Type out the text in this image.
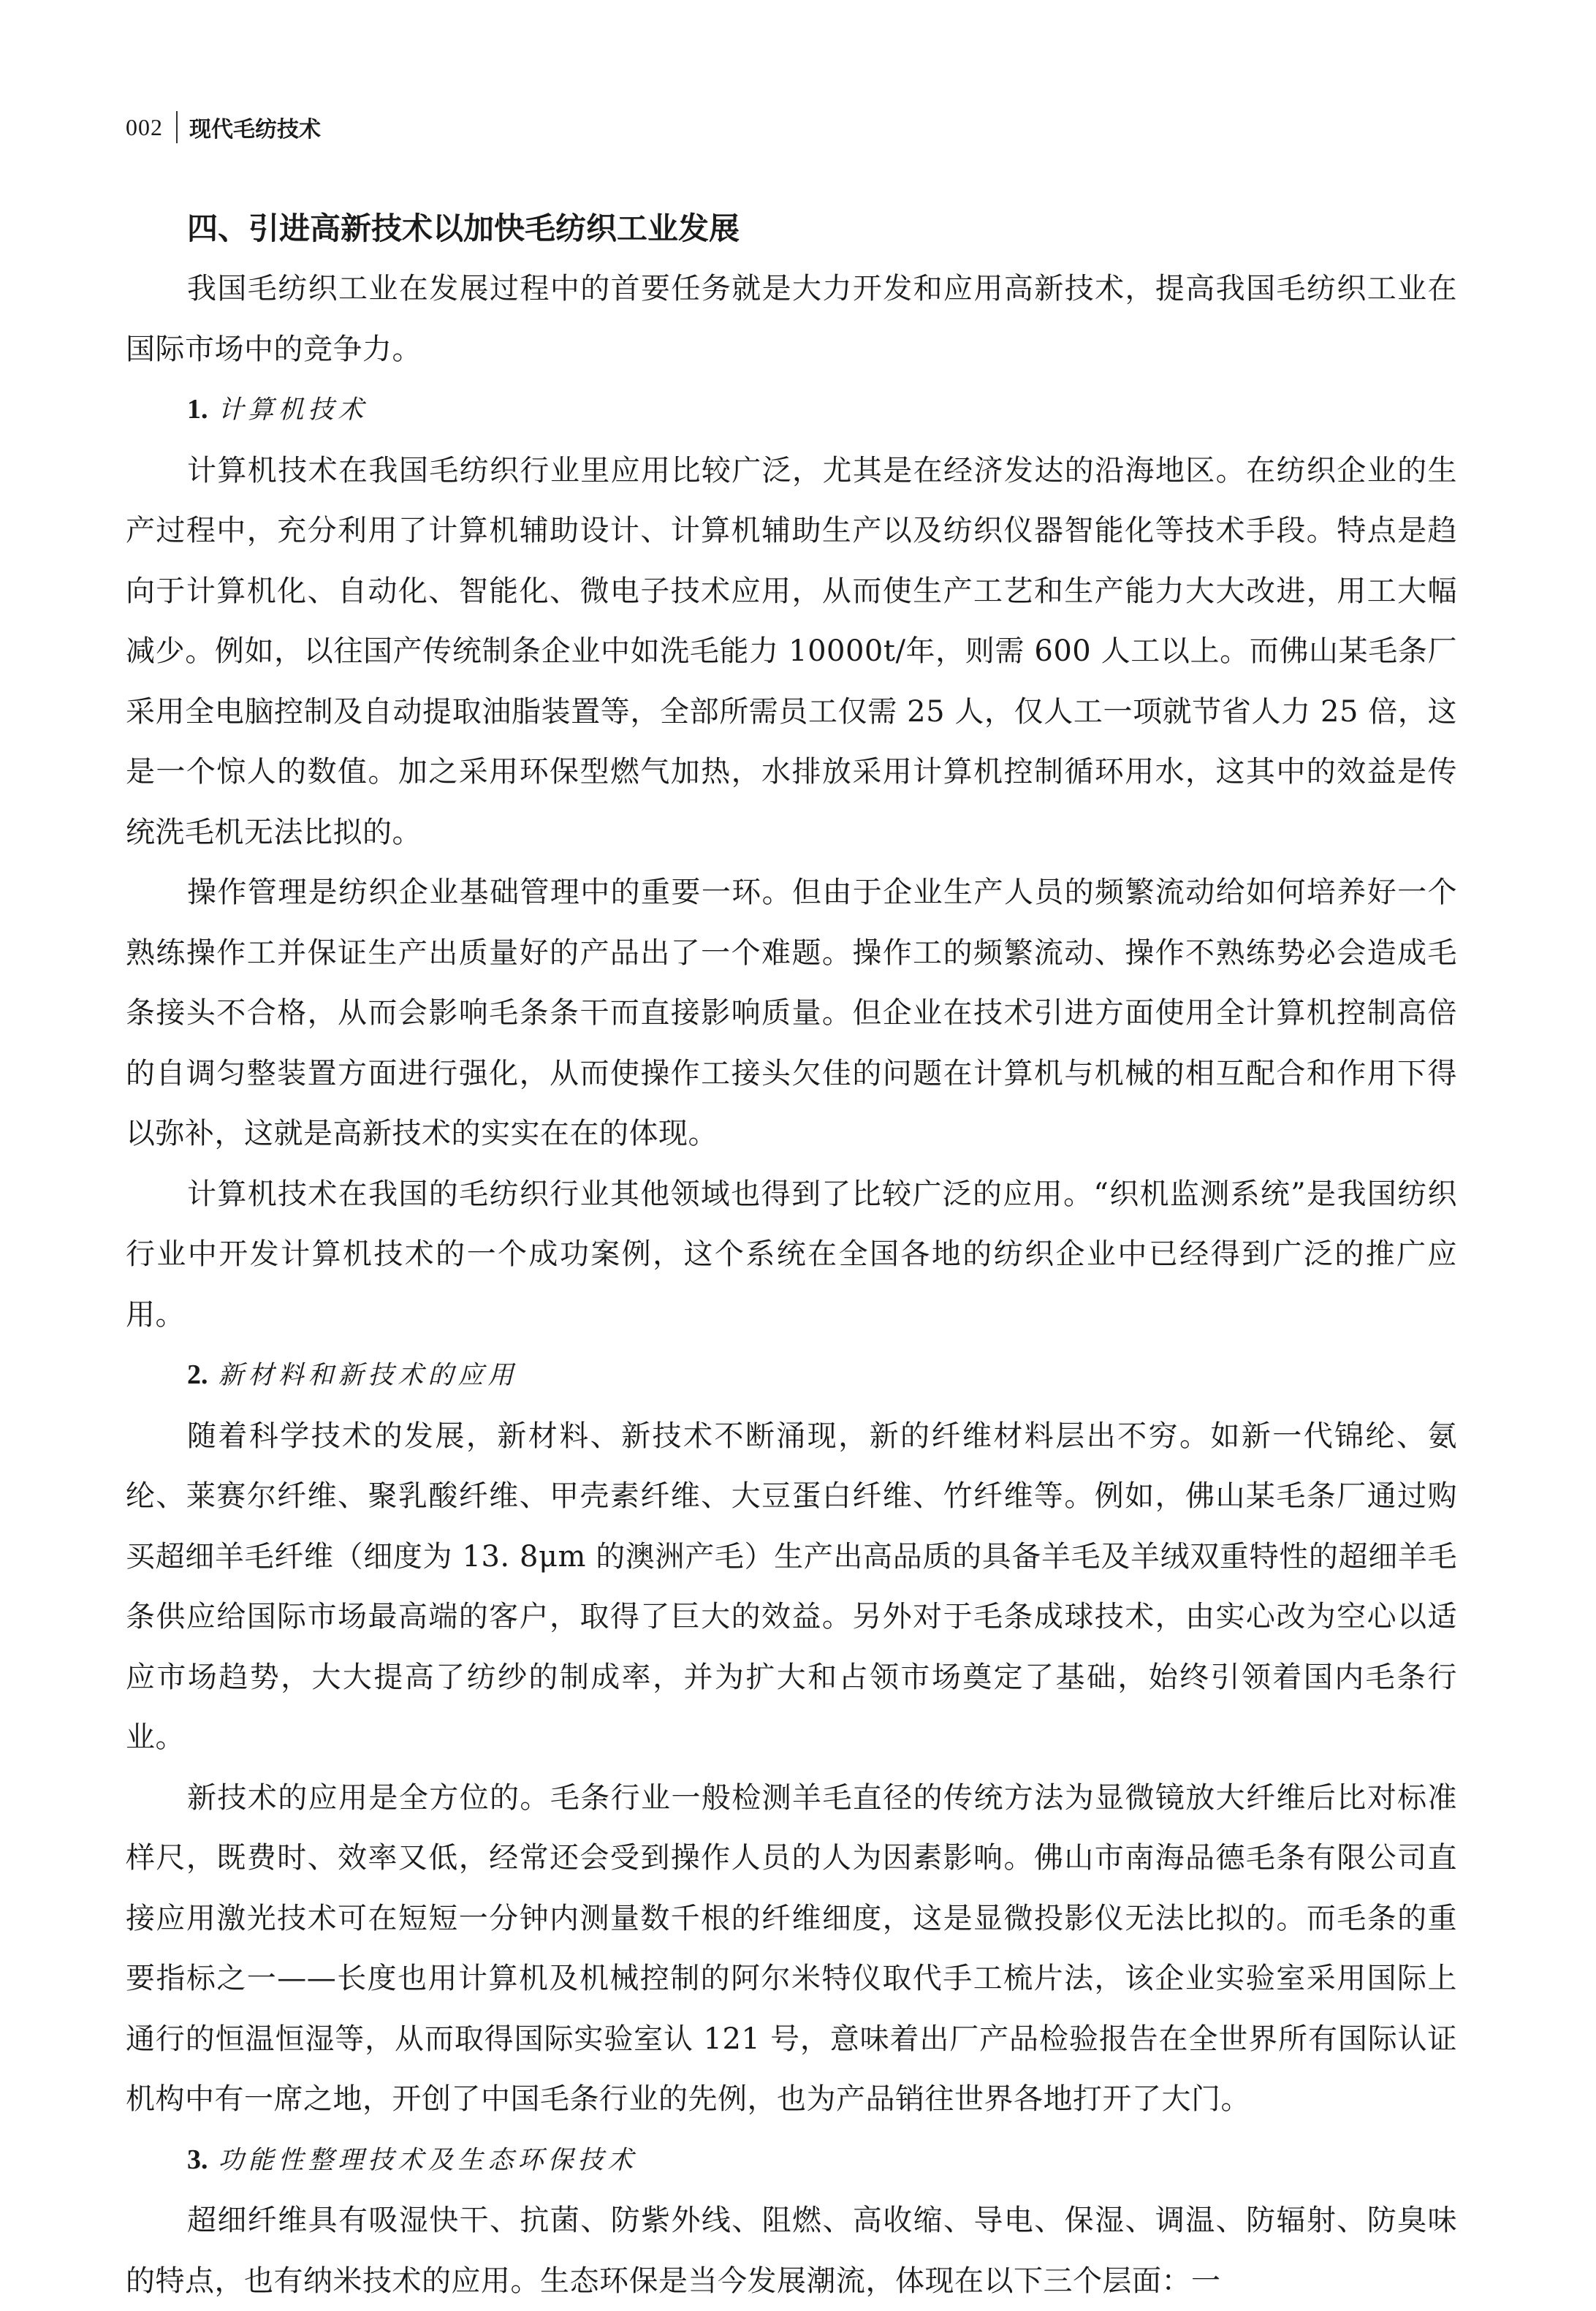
002 现代毛纺技术
四、引进高新技术以加快毛纺织工业发展

我国毛纺织工业在发展过程中的首要任务就是大力开发和应用高新技术，提高我国毛纺织工业在国际市场中的竞争力。

1. 计算机技术

计算机技术在我国毛纺织行业里应用比较广泛，尤其是在经济发达的沿海地区。在纺织企业的生产过程中，充分利用了计算机辅助设计、计算机辅助生产以及纺织仪器智能化等技术手段。特点是趋向于计算机化、自动化、智能化、微电子技术应用，从而使生产工艺和生产能力大大改进，用工大幅减少。例如，以往国产传统制条企业中如洗毛能力 10000t/年，则需 600 人工以上。而佛山某毛条厂采用全电脑控制及自动提取油脂装置等，全部所需员工仅需 25 人，仅人工一项就节省人力 25 倍，这是一个惊人的数值。加之采用环保型燃气加热，水排放采用计算机控制循环用水，这其中的效益是传统洗毛机无法比拟的。

操作管理是纺织企业基础管理中的重要一环。但由于企业生产人员的频繁流动给如何培养好一个熟练操作工并保证生产出质量好的产品出了一个难题。操作工的频繁流动、操作不熟练势必会造成毛条接头不合格，从而会影响毛条条干而直接影响质量。但企业在技术引进方面使用全计算机控制高倍的自调匀整装置方面进行强化，从而使操作工接头欠佳的问题在计算机与机械的相互配合和作用下得以弥补，这就是高新技术的实实在在的体现。

计算机技术在我国的毛纺织行业其他领域也得到了比较广泛的应用。“织机监测系统”是我国纺织行业中开发计算机技术的一个成功案例，这个系统在全国各地的纺织企业中已经得到广泛的推广应用。

2. 新材料和新技术的应用

随着科学技术的发展，新材料、新技术不断涌现，新的纤维材料层出不穷。如新一代锦纶、氨纶、莱赛尔纤维、聚乳酸纤维、甲壳素纤维、大豆蛋白纤维、竹纤维等。例如，佛山某毛条厂通过购买超细羊毛纤维（细度为 13. 8μm 的澳洲产毛）生产出高品质的具备羊毛及羊绒双重特性的超细羊毛条供应给国际市场最高端的客户，取得了巨大的效益。另外对于毛条成球技术，由实心改为空心以适应市场趋势，大大提高了纺纱的制成率，并为扩大和占领市场奠定了基础，始终引领着国内毛条行业。

新技术的应用是全方位的。毛条行业一般检测羊毛直径的传统方法为显微镜放大纤维后比对标准样尺，既费时、效率又低，经常还会受到操作人员的人为因素影响。佛山市南海品德毛条有限公司直接应用激光技术可在短短一分钟内测量数千根的纤维细度，这是显微投影仪无法比拟的。而毛条的重要指标之一——长度也用计算机及机械控制的阿尔米特仪取代手工梳片法，该企业实验室采用国际上通行的恒温恒湿等，从而取得国际实验室认 121 号，意味着出厂产品检验报告在全世界所有国际认证机构中有一席之地，开创了中国毛条行业的先例，也为产品销往世界各地打开了大门。

3. 功能性整理技术及生态环保技术

超细纤维具有吸湿快干、抗菌、防紫外线、阻燃、高收缩、导电、保湿、调温、防辐射、防臭味的特点，也有纳米技术的应用。生态环保是当今发展潮流，体现在以下三个层面：一
